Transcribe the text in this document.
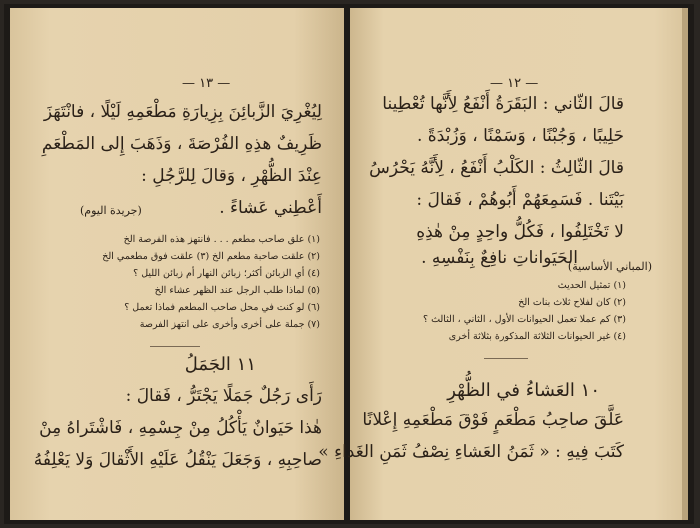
— ١٣ —
لِيُغْرِيَ الزَّبائِنَ بِزِيارَةِ مَطْعَمِهِ لَيْلًا ، فانْتَهَزَ
ظَرِيفٌ هذِهِ الفُرْصَةَ ، وَذَهَبَ إِلى المَطْعَمِ
عِنْدَ الظُّهْرِ ، وَقالَ لِلرَّجُلِ :
أَعْطِني عَشاءً .
(جريدة اليوم)
(١) علق صاحب مطعم . . . فانتهز هذه الفرصة الخ
(٢) علقت صاحبة مطعم الخ (٣) علقت فوق مطعمي الخ
(٤) أي الزبائن أكثر؛ زبائن النهار أم زبائن الليل ؟
(٥) لماذا طلب الرجل عند الظهر عشاء الخ
(٦) لو كنت في محل صاحب المطعم فماذا تعمل ؟
(٧) جملة على أخرى وأخرى على انتهز الفرصة
١١ الجَمَلُ
رَأَى رَجُلٌ جَمَلًا يَجْتَرُّ ، فَقالَ :
هٰذا حَيَوانٌ يَأْكُلُ مِنْ جِسْمِهِ ، فَاشْتَراهُ مِنْ
صاحِبِهِ ، وَجَعَلَ يَنْقُلُ عَلَيْهِ الأَثْقالَ وَلا يَعْلِفُهُ
— ١٢ —
قالَ الثّاني : البَقَرَةُ أَنْفَعُ لِأَنَّها تُعْطِينا
حَلِيبًا ، وَجُبْنًا ، وَسَمْنًا ، وَزُبْدَةً .
قالَ الثّالِثُ : الكَلْبُ أَنْفَعُ ، لِأَنَّهُ يَحْرُسُ
بَيْتَنا . فَسَمِعَهُمْ أَبُوهُمْ ، فَقالَ :
لا تَخْتَلِفُوا ، فَكُلُّ واحِدٍ مِنْ هٰذِهِ
الحَيَواناتِ نافِعٌ بِنَفْسِهِ .
(المباني الأساسية)
(١) تمثيل الحديث
(٢) كان لفلاح ثلاث بنات الخ
(٣) كم عملا تعمل الحيوانات الأول ، الثاني ، الثالث ؟
(٤) غير الحيوانات الثلاثة المذكورة بثلاثة أخرى
١٠ العَشاءُ في الظُّهْرِ
عَلَّقَ صاحِبُ مَطْعَمٍ فَوْقَ مَطْعَمِهِ إِعْلانًا
كَتَبَ فِيهِ : « ثَمَنُ العَشاءِ نِصْفُ ثَمَنِ الغَداءِ »
